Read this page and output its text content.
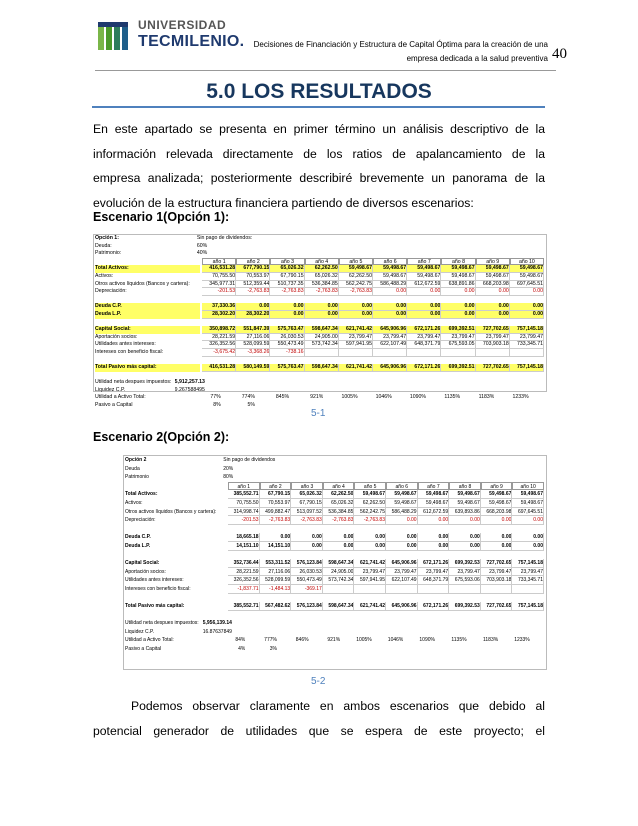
UNIVERSIDAD
TECMILENIO. Decisiones de Financiación y Estructura de Capital Óptima para la creación de una
empresa dedicada a la salud preventiva 40
5.0 LOS RESULTADOS
En este apartado se presenta en primer término un análisis descriptivo de la
información relevada directamente de los ratios de apalancamiento de la
empresa analizada; posteriormente describiré brevemente un panorama de la
evolución de la estructura financiera partiendo de diversos escenarios:
Escenario 1(Opción 1):
Opción 1:	Sin pago de dividendos:
Deuda:	60%
Patrimonio:	40%
año 1	año 2	año 3	año 4	año 5	año 6	año 7	año 8	año 9	año 10
Total Activos:	416,531.28	677,790.15	65,026.32	62,262.50	59,498.67	59,498.67	59,498.67	59,498.67	59,498.67	59,498.67
Activos:	70,755.50	70,553.97	67,790.15	65,026.32	62,262.50	59,498.67	59,498.67	59,498.67	59,498.67	59,498.67
Otros activos líquidos (Bancos y cartera):	345,977.31	512,359.44	510,737.35	536,384.85	562,242.75	586,488.29	612,672.59	638,891.86	668,203.98	697,645.51
Depreciación:	-201.53	-2,763.83	-2,763.83	-2,763.83	-2,763.83	0.00	0.00	0.00	0.00	0.00
Deuda C.P.	37,330.36	0.00	0.00	0.00	0.00	0.00	0.00	0.00	0.00	0.00
Deuda L.P.	28,302.20	28,302.20	0.00	0.00	0.00	0.00	0.00	0.00	0.00	0.00
Capital Social:	350,898.72	551,847.39	575,763.47	598,647.34	621,741.42	645,906.96	672,171.26	699,392.51	727,702.65	757,145.18
Aportación socios:	28,221.59	27,116.06	26,030.53	24,905.00	23,799.47	23,799.47	23,799.47	23,799.47	23,799.47	23,799.47
Utilidades antes intereses:	326,352.56	528,099.59	550,473.49	573,742.34	597,941.95	622,107.49	648,371.79	675,593.05	703,903.18	733,345.71
Intereses con beneficio fiscal:	-3,675.42	-3,368.26	-738.16
Total Pasivo más capital:	416,531.28	580,149.59	575,763.47	598,647.34	621,741.42	645,906.96	672,171.26	699,392.51	727,702.65	757,145.18
Utilidad neta despues impuestos: 5,912,257.13
Liquidez C.P.	9.267588495
Utilidad a Activo Total:	77%	774%	845%	921%	1005%	1046%	1090%	1135%	1183%	1233%
Pasivo a Capital	8%	5%
5-1
Escenario 2(Opción 2):
Opción 2	Sin pago de dividendos
Deuda	20%
Patrimonio	80%
año 1	año 2	año 3	año 4	año 5	año 6	año 7	año 8	año 9	año 10
Total Activos:	385,552.71	67,790.15	65,026.32	62,262.50	59,498.67	59,498.67	59,498.67	59,498.67	59,498.67	59,498.67
Activos:	70,755.50	70,553.97	67,790.15	65,026.32	62,262.50	59,498.67	59,498.67	59,498.67	59,498.67	59,498.67
Otros activos líquidos (Bancos y cartera):	314,998.74	499,882.47	513,097.52	536,384.85	562,242.75	586,488.29	612,672.59	639,893.86	668,203.98	697,645.51
Depreciación:	-201.53	-2,763.83	-2,763.83	-2,763.83	-2,763.83	0.00	0.00	0.00	0.00	0.00
Deuda C.P.	18,665.18	0.00	0.00	0.00	0.00	0.00	0.00	0.00	0.00	0.00
Deuda L.P.	14,151.10	14,151.10	0.00	0.00	0.00	0.00	0.00	0.00	0.00	0.00
Capital Social:	352,736.44	553,311.52	576,123.84	598,647.34	621,741.42	645,906.96	672,171.26	699,392.53	727,702.65	757,145.18
Aportación socios:	28,221.59	27,116.06	26,030.53	24,905.00	23,799.47	23,799.47	23,799.47	23,799.47	23,799.47	23,799.47
Utilidades antes intereses:	326,352.56	528,099.59	550,473.49	573,742.34	597,941.95	622,107.49	648,371.79	675,593.06	703,903.18	733,345.71
Intereses con beneficio fiscal:	-1,837.71	-1,484.13	-369.17
Total Pasivo más capital:	385,552.71	567,482.62	576,123.84	598,647.34	621,741.42	645,906.96	672,171.26	699,392.53	727,702.65	757,145.18
Utilidad neta despues impuestos: 5,956,139.14
Liquidez C.P.	16.87637849
Utilidad a Activo Total:	84%	777%	846%	921%	1005%	1046%	1090%	1135%	1183%	1233%
Pasivo a Capital	4%	3%
5-2
Podemos observar claramente en ambos escenarios que debido al
potencial generador de utilidades que se espera de este proyecto; el
